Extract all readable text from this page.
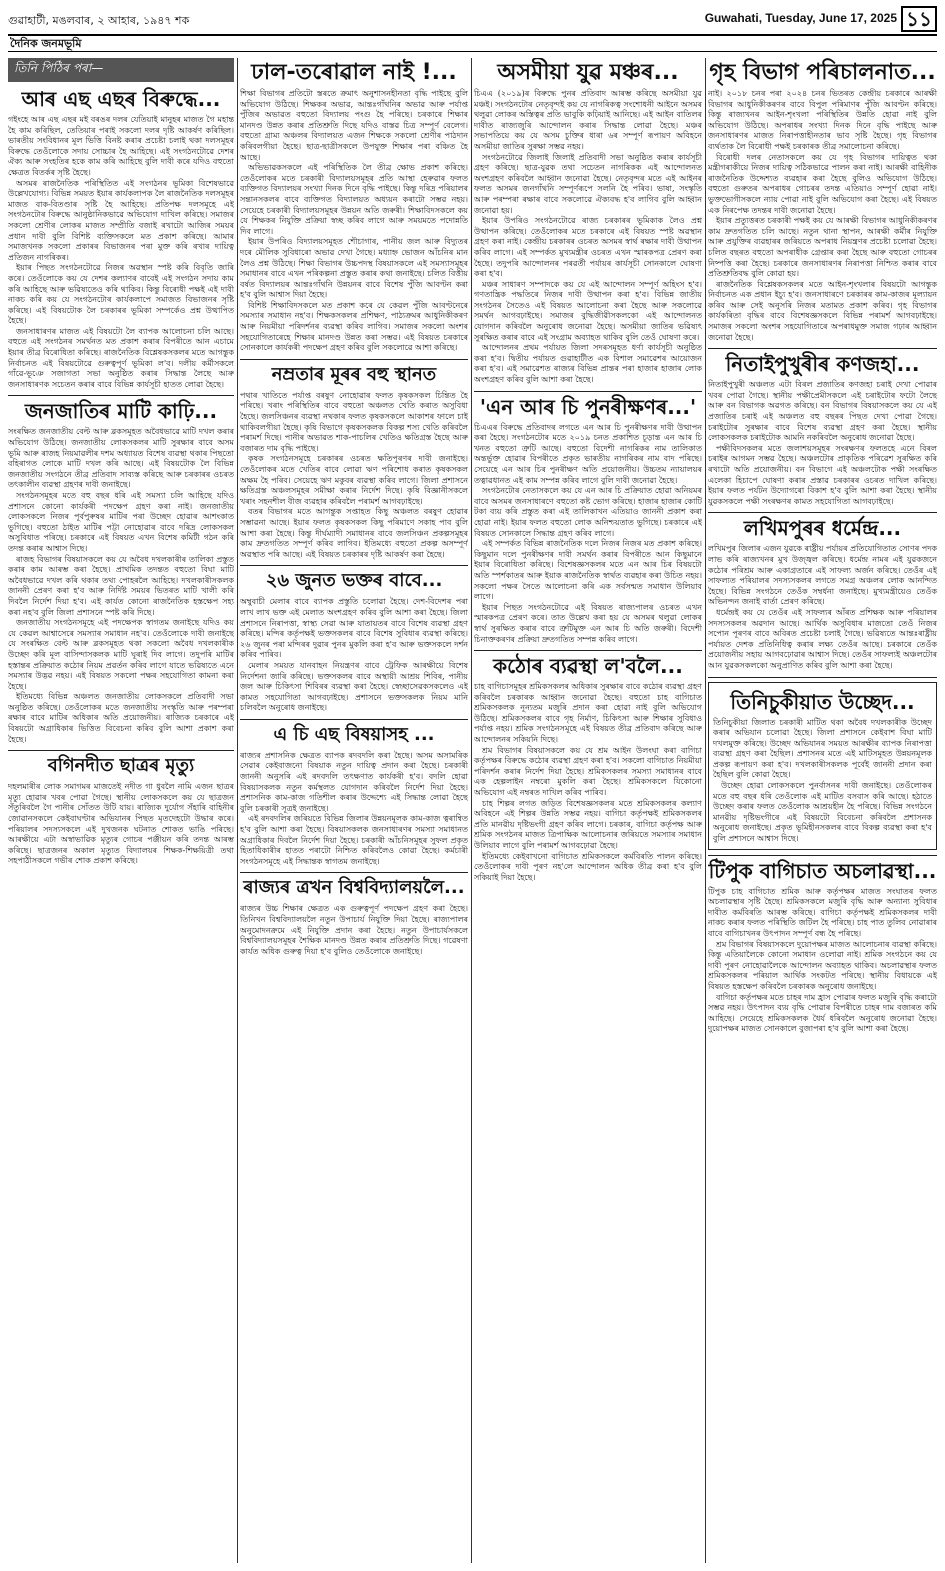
গুৱাহাটী, মঙলবাৰ, ২ আহাৰ, ১৯৪৭ শক	Guwahati, Tuesday, June 17, 2025 ১১
দৈনিক জনমভূমি
তিনি পিঠিৰ পৰা—
আৰ এছ এছৰ বিৰুদ্ধে...

গইংহে আৰ এছ এছৰ মই বৰঙৰ দলৰ যেতিয়াই মানুহৰ মাজত গৈ মহান্ত হৈ কাম কৰিছিল, তেতিয়াৰ পৰাই সকলো দলৰ দৃষ্টি আকৰ্ষণ কৰিছিল। ভাৰতীয় সংবিধানৰ মূল ভিত্তি বিনষ্ট কৰাৰ প্ৰচেষ্টা চলাই থকা দলসমূহৰ বিৰুদ্ধে তেওঁলোকে সদায় সোচ্চাৰ হৈ আহিছে। এই সংগঠনটোৱে দেশৰ ঐক্য আৰু সংহতিৰ হকে কাম কৰি আহিছে বুলি দাবী কৰে যদিও বহুতো ক্ষেত্ৰত বিতৰ্কৰ সৃষ্টি হৈছে।

অসমৰ ৰাজনৈতিক পৰিস্থিতিত এই সংগঠনৰ ভূমিকা বিশেষভাৱে উল্লেখযোগ্য। বিভিন্ন সময়ত ইয়াৰ কাৰ্যকলাপক লৈ ৰাজনৈতিক দলসমূহৰ মাজত বাক-বিতণ্ডাৰ সৃষ্টি হৈ আহিছে। প্ৰতিপক্ষ দলসমূহে এই সংগঠনটোৰ বিৰুদ্ধে আনুষ্ঠানিকভাৱে অভিযোগ দাখিল কৰিছে। সমাজৰ সকলো শ্ৰেণীৰ লোকৰ মাজত সম্প্ৰীতি বজাই ৰখাটো আজিৰ সময়ৰ প্ৰধান দাবী বুলি বিশিষ্ট ব্যক্তিসকলে মত প্ৰকাশ কৰিছে। আমাৰ সমাজখনক সকলো প্ৰকাৰৰ বিভাজনৰ পৰা মুক্ত কৰি ৰখাৰ দায়িত্ব প্ৰতিজন নাগৰিকৰ।

ইয়াৰ পিছত সংগঠনটোৱে নিজৰ অৱস্থান স্পষ্ট কৰি বিবৃতি জাৰি কৰে। তেওঁলোকে কয় যে দেশৰ কল্যাণৰ বাবেই এই সংগঠন সদায় কাম কৰি আহিছে আৰু ভৱিষ্যতেও কৰি থাকিব। কিন্তু বিৰোধী পক্ষই এই দাবী নাকচ কৰি কয় যে সংগঠনটোৰ কাৰ্যকলাপে সমাজত বিভাজনৰ সৃষ্টি কৰিছে। এই বিষয়টোক লৈ চৰকাৰৰ ভূমিকা সম্পৰ্কেও প্ৰশ্ন উত্থাপিত হৈছে।

জনসাধাৰণৰ মাজত এই বিষয়টো লৈ ব্যাপক আলোচনা চলি আছে। বহুতে এই সংগঠনৰ সমৰ্থনত মত প্ৰকাশ কৰাৰ বিপৰীতে আন এচামে ইয়াৰ তীব্ৰ বিৰোধিতা কৰিছে। ৰাজনৈতিক বিশ্লেষকসকলৰ মতে আগন্তুক নিৰ্বাচনত এই বিষয়টোৱে গুৰুত্বপূৰ্ণ ভূমিকা ল'ব। দলীয় কৰ্মীসকলে গাঁৱে-ভূঞে সজাগতা সভা অনুষ্ঠিত কৰাৰ সিদ্ধান্ত লৈছে আৰু জনসাধাৰণক সচেতন কৰাৰ বাবে বিভিন্ন কাৰ্যসূচী হাতত লোৱা হৈছে।

জনজাতিৰ মাটি কাঢ়ি...

সংৰক্ষিত জনজাতীয় বেল্ট আৰু ব্লকসমূহত অবৈধভাৱে মাটি দখল কৰাৰ অভিযোগ উঠিছে। জনজাতীয় লোকসকলৰ মাটি সুৰক্ষাৰ বাবে অসম ভূমি আৰু ৰাজহ নিয়মাৱলীৰ দশম অধ্যায়ত বিশেষ ব্যৱস্থা থকাৰ পিছতো বহিৰাগত লোকে মাটি দখল কৰি আছে। এই বিষয়টোক লৈ বিভিন্ন জনজাতীয় সংগঠনে তীব্ৰ প্ৰতিবাদ সাব্যস্ত কৰিছে আৰু চৰকাৰৰ ওচৰত তৎকালীন ব্যৱস্থা গ্ৰহণৰ দাবী জনাইছে।

সংগঠনসমূহৰ মতে বহু বছৰ ধৰি এই সমস্যা চলি আহিছে যদিও প্ৰশাসনে কোনো কাৰ্যকৰী পদক্ষেপ গ্ৰহণ কৰা নাই। জনজাতীয় লোকসকলে নিজৰ পূৰ্বপুৰুষৰ মাটিৰ পৰা উচ্ছেদ হোৱাৰ আশংকাত ভুগিছে। বহুতো ঠাইত মাটিৰ পট্টা নোহোৱাৰ বাবে দৰিদ্ৰ লোকসকল অসুবিধাত পৰিছে। চৰকাৰে এই বিষয়ত এখন বিশেষ কমিটী গঠন কৰি তদন্ত কৰাৰ আশ্বাস দিছে।

ৰাজহ বিভাগৰ বিষয়াসকলে কয় যে অবৈধ দখলকাৰীৰ তালিকা প্ৰস্তুত কৰাৰ কাম আৰম্ভ কৰা হৈছে। প্ৰাথমিক তদন্তত বহুতো বিঘা মাটি অবৈধভাৱে দখল কৰি থকাৰ তথ্য পোহৰলৈ আহিছে। দখলকাৰীসকলক জাননী প্ৰেৰণ কৰা হ'ব আৰু নিৰ্দিষ্ট সময়ৰ ভিতৰত মাটি খালী কৰি দিবলৈ নিৰ্দেশ দিয়া হ'ব। এই কাৰ্যত কোনো ৰাজনৈতিক হস্তক্ষেপ সহ্য কৰা নহ'ব বুলি জিলা প্ৰশাসনে স্পষ্ট কৰি দিছে।

জনজাতীয় সংগঠনসমূহে এই পদক্ষেপক স্বাগতম জনাইছে যদিও কয় যে কেৱল আশ্বাসেৰে সমস্যাৰ সমাধান নহ'ব। তেওঁলোকে দাবী জনাইছে যে সংৰক্ষিত বেল্ট আৰু ব্লকসমূহত থকা সকলো অবৈধ দখলকাৰীক উচ্ছেদ কৰি মূল বাসিন্দাসকলক মাটি ঘূৰাই দিব লাগে। তদুপৰি মাটিৰ হস্তান্তৰ প্ৰক্ৰিয়াত কঠোৰ নিয়ম প্ৰৱৰ্তন কৰিব লাগে যাতে ভৱিষ্যতে এনে সমস্যাৰ উদ্ভৱ নহয়। এই বিষয়ত সকলো পক্ষৰ সহযোগিতা কামনা কৰা হৈছে।

ইতিমধ্যে বিভিন্ন অঞ্চলত জনজাতীয় লোকসকলে প্ৰতিবাদী সভা অনুষ্ঠিত কৰিছে। তেওঁলোকৰ মতে জনজাতীয় সংস্কৃতি আৰু পৰম্পৰা ৰক্ষাৰ বাবে মাটিৰ অধিকাৰ অতি প্ৰয়োজনীয়। ৰাজ্যিক চৰকাৰে এই বিষয়টো অগ্ৰাধিকাৰ ভিত্তিত বিবেচনা কৰিব বুলি আশা প্ৰকাশ কৰা হৈছে।

বগিনদীত ছাত্ৰৰ মৃত্যু

দহলমাৰীৰ লোক সমাগমৰ মাজতেই নদীত গা ধুবলৈ নামি এজন ছাত্ৰৰ মৃত্যু হোৱাৰ খবৰ পোৱা গৈছে। স্থানীয় লোকসকলে কয় যে ছাত্ৰজন সঁতুৰিবলৈ গৈ পানীৰ সোঁতত উটি যায়। ৰাজ্যিক দুৰ্যোগ সঁহাৰি বাহিনীৰ জোৱানসকলে কেইবাঘণ্টাৰ অভিযানৰ পিছত মৃতদেহটো উদ্ধাৰ কৰে। পৰিয়ালৰ সদস্যসকলে এই দুখজনক ঘটনাত শোকত ভাঙি পৰিছে। আৰক্ষীয়ে এটা অস্বাভাৱিক মৃত্যুৰ গোচৰ পঞ্জীয়ন কৰি তদন্ত আৰম্ভ কৰিছে। ছাত্ৰজনৰ অকাল মৃত্যুত বিদ্যালয়ৰ শিক্ষক-শিক্ষয়িত্ৰী তথা সহপাঠীসকলে গভীৰ শোক প্ৰকাশ কৰিছে।

ঢাল-তৰোৱাল নাই !...

শিক্ষা বিভাগৰ প্ৰতিটো স্তৰতে ক্ৰমাৎ অনুশাসনহীনতা বৃদ্ধি পাইছে বুলি অভিযোগ উঠিছে। শিক্ষকৰ অভাৱ, আন্তঃগাঁথনিৰ অভাৱ আৰু পৰ্যাপ্ত পুঁজিৰ অভাৱত বহুতো বিদ্যালয় পংগু হৈ পৰিছে। চৰকাৰে শিক্ষাৰ মানদণ্ড উন্নত কৰাৰ প্ৰতিশ্ৰুতি দিছে যদিও বাস্তৱ চিত্ৰ সম্পূৰ্ণ বেলেগ। বহুতো গ্ৰাম্য অঞ্চলৰ বিদ্যালয়ত এজন শিক্ষকে সকলো শ্ৰেণীৰ পাঠদান কৰিবলগীয়া হৈছে। ছাত্ৰ-ছাত্ৰীসকলে উপযুক্ত শিক্ষাৰ পৰা বঞ্চিত হৈ আছে।

অভিভাৱকসকলে এই পৰিস্থিতিক লৈ তীব্ৰ ক্ষোভ প্ৰকাশ কৰিছে। তেওঁলোকৰ মতে চৰকাৰী বিদ্যালয়সমূহৰ প্ৰতি আস্থা হেৰুৱাৰ ফলত ব্যক্তিগত বিদ্যালয়ৰ সংখ্যা দিনক দিনে বৃদ্ধি পাইছে। কিন্তু দৰিদ্ৰ পৰিয়ালৰ সন্তানসকলৰ বাবে ব্যক্তিগত বিদ্যালয়ত অধ্যয়ন কৰাটো সম্ভৱ নহয়। সেয়েহে চৰকাৰী বিদ্যালয়সমূহৰ উন্নয়ন অতি জৰুৰী। শিক্ষাবিদসকলে কয় যে শিক্ষকৰ নিযুক্তি প্ৰক্ৰিয়া স্বচ্ছ কৰিব লাগে আৰু সময়মতে পদোন্নতি দিব লাগে।

ইয়াৰ উপৰিও বিদ্যালয়সমূহত শৌচাগাৰ, পানীয় জল আৰু বিদ্যুতৰ দৰে মৌলিক সুবিধাৰো অভাৱ দেখা গৈছে। মধ্যাহ্ন ভোজন আঁচনিৰ মান লৈও প্ৰশ্ন উঠিছে। শিক্ষা বিভাগৰ উচ্চপদস্থ বিষয়াসকলে এই সমস্যাসমূহৰ সমাধানৰ বাবে এখন পৰিকল্পনা প্ৰস্তুত কৰাৰ কথা জনাইছে। চলিত বিত্তীয় বৰ্ষত বিদ্যালয়ৰ আন্তঃগাঁথনি উন্নয়নৰ বাবে বিশেষ পুঁজি আবণ্টন কৰা হ'ব বুলি আশ্বাস দিয়া হৈছে।

বিশিষ্ট শিক্ষাবিদসকলে মত প্ৰকাশ কৰে যে কেৱল পুঁজি আবণ্টনেৰে সমস্যাৰ সমাধান নহ'ব। শিক্ষকসকলৰ প্ৰশিক্ষণ, পাঠ্যক্ৰমৰ আধুনিকীকৰণ আৰু নিয়মীয়া পৰিদৰ্শনৰ ব্যৱস্থা কৰিব লাগিব। সমাজৰ সকলো অংশৰ সহযোগিতাৰেহে শিক্ষাৰ মানদণ্ড উন্নত কৰা সম্ভৱ। এই বিষয়ত চৰকাৰে সোনকালে কাৰ্যকৰী পদক্ষেপ গ্ৰহণ কৰিব বুলি সকলোৱে আশা কৰিছে।

নম্ৰতাৰ মূৰৰ বহু স্থানত

পথাৰ খাতিতে পৰ্যাপ্ত বৰষুণ নোহোৱাৰ ফলত কৃষকসকল চিন্তিত হৈ পৰিছে। খৰাং পৰিস্থিতিৰ বাবে বহুতো অঞ্চলত খেতি কৰাত অসুবিধা হৈছে। জলসিঞ্চনৰ ব্যৱস্থা নথকাৰ ফলত কৃষকসকলে আকাশৰ ফালে চাই থাকিবলগীয়া হৈছে। কৃষি বিভাগে কৃষকসকলক বিকল্প শস্য খেতি কৰিবলৈ পৰামৰ্শ দিছে। পানীৰ অভাৱত শাক-পাচলিৰ খেতিও ক্ষতিগ্ৰস্ত হৈছে আৰু বজাৰত দাম বৃদ্ধি পাইছে।

কৃষক সংগঠনসমূহে চৰকাৰৰ ওচৰত ক্ষতিপূৰণৰ দাবী জনাইছে। তেওঁলোকৰ মতে খেতিৰ বাবে লোৱা ঋণ পৰিশোধ কৰাত কৃষকসকল অক্ষম হৈ পৰিব। সেয়েহে ঋণ মকুবৰ ব্যৱস্থা কৰিব লাগে। জিলা প্ৰশাসনে ক্ষতিগ্ৰস্ত অঞ্চলসমূহৰ সমীক্ষা কৰাৰ নিৰ্দেশ দিছে। কৃষি বিজ্ঞানীসকলে খৰাং সহনশীল বীজ ব্যৱহাৰ কৰিবলৈ পৰামৰ্শ আগবঢ়াইছে।

বতৰ বিভাগৰ মতে আগন্তুক সপ্তাহত কিছু অঞ্চলত বৰষুণ হোৱাৰ সম্ভাৱনা আছে। ইয়াৰ ফলত কৃষকসকল কিছু পৰিমাণে সকাহ পাব বুলি আশা কৰা হৈছে। কিন্তু দীৰ্ঘম্যাদী সমাধানৰ বাবে জলসিঞ্চন প্ৰকল্পসমূহৰ কাম দ্ৰুতগতিত সম্পূৰ্ণ কৰিব লাগিব। ইতিমধ্যে বহুতো প্ৰকল্প অসম্পূৰ্ণ অৱস্থাত পৰি আছে। এই বিষয়ত চৰকাৰৰ দৃষ্টি আকৰ্ষণ কৰা হৈছে।

২৬ জুনত ভক্তৰ বাবে...

অম্বুবাচী মেলাৰ বাবে ব্যাপক প্ৰস্তুতি চলোৱা হৈছে। দেশ-বিদেশৰ পৰা লাখ লাখ ভক্ত এই মেলাত অংশগ্ৰহণ কৰিব বুলি আশা কৰা হৈছে। জিলা প্ৰশাসনে নিৰাপত্তা, স্বাস্থ্য সেৱা আৰু যাতায়তৰ বাবে বিশেষ ব্যৱস্থা গ্ৰহণ কৰিছে। মন্দিৰ কৰ্তৃপক্ষই ভক্তসকলৰ বাবে বিশেষ সুবিধাৰ ব্যৱস্থা কৰিছে। ২৬ জুনৰ পৰা মন্দিৰৰ দুৱাৰ পুনৰ মুকলি কৰা হ'ব আৰু ভক্তসকলে দৰ্শন কৰিব পাৰিব।

মেলাৰ সময়ত যানবাহন নিয়ন্ত্ৰণৰ বাবে ট্ৰেফিক আৰক্ষীয়ে বিশেষ নিৰ্দেশনা জাৰি কৰিছে। ভক্তসকলৰ বাবে অস্থায়ী আশ্ৰয় শিবিৰ, পানীয় জল আৰু চিকিৎসা শিবিৰৰ ব্যৱস্থা কৰা হৈছে। স্বেচ্ছাসেৱকসকলেও এই কামত সহযোগিতা আগবঢ়াইছে। প্ৰশাসনে ভক্তসকলক নিয়ম মানি চলিবলৈ অনুৰোধ জনাইছে।

এ চি এছ বিষয়াসহ ...

ৰাজ্যৰ প্ৰশাসনিক ক্ষেত্ৰত ব্যাপক ৰদবদলি কৰা হৈছে। অসম অসামৰিক সেৱাৰ কেইবাজনো বিষয়াক নতুন দায়িত্ব প্ৰদান কৰা হৈছে। চৰকাৰী জাননী অনুসৰি এই ৰদবদলি তৎক্ষণাত কাৰ্যকৰী হ'ব। বদলি হোৱা বিষয়াসকলক নতুন কৰ্মস্থলত যোগদান কৰিবলৈ নিৰ্দেশ দিয়া হৈছে। প্ৰশাসনিক কাম-কাজ গতিশীল কৰাৰ উদ্দেশ্যে এই সিদ্ধান্ত লোৱা হৈছে বুলি চৰকাৰী সূত্ৰই জনাইছে।

এই ৰদবদলিৰ জৰিয়তে বিভিন্ন জিলাৰ উন্নয়নমূলক কাম-কাজ ত্বৰান্বিত হ'ব বুলি আশা কৰা হৈছে। বিষয়াসকলক জনসাধাৰণৰ সমস্যা সমাধানত অগ্ৰাধিকাৰ দিবলৈ নিৰ্দেশ দিয়া হৈছে। চৰকাৰী আঁচনিসমূহৰ সুফল প্ৰকৃত হিতাধিকাৰীৰ হাতত পৰাটো নিশ্চিত কৰিবলৈও কোৱা হৈছে। কৰ্মচাৰী সংগঠনসমূহে এই সিদ্ধান্তক স্বাগতম জনাইছে।

ৰাজ্যৰ ত্ৰখন বিশ্ববিদ্যালয়লৈ...

ৰাজ্যৰ উচ্চ শিক্ষাৰ ক্ষেত্ৰত এক গুৰুত্বপূৰ্ণ পদক্ষেপ গ্ৰহণ কৰা হৈছে। তিনিখন বিশ্ববিদ্যালয়লৈ নতুন উপাচাৰ্য নিযুক্তি দিয়া হৈছে। ৰাজ্যপালৰ অনুমোদনক্ৰমে এই নিযুক্তি প্ৰদান কৰা হৈছে। নতুন উপাচাৰ্যসকলে বিশ্ববিদ্যালয়সমূহৰ শৈক্ষিক মানদণ্ড উন্নত কৰাৰ প্ৰতিশ্ৰুতি দিছে। গৱেষণা কাৰ্যত অধিক গুৰুত্ব দিয়া হ'ব বুলিও তেওঁলোকে জনাইছে।

অসমীয়া যুৱ মঞ্চৰ...

চিএএ (২০১৯)ৰ বিৰুদ্ধে পুনৰ প্ৰতিবাদ আৰম্ভ কৰিছে অসমীয়া যুৱ মঞ্চই। সংগঠনটোৰ নেতৃবৃন্দই কয় যে নাগৰিকত্ব সংশোধনী আইনে অসমৰ থলুৱা লোকৰ অস্তিত্বৰ প্ৰতি ভাবুকি কঢ়িয়াই আনিছে। এই আইন বাতিলৰ দাবীত ৰাজ্যজুৰি আন্দোলন কৰাৰ সিদ্ধান্ত লোৱা হৈছে। মঞ্চৰ সভাপতিয়ে কয় যে অসম চুক্তিৰ ধাৰা ৬ৰ সম্পূৰ্ণ ৰূপায়ণ অবিহনে অসমীয়া জাতিৰ সুৰক্ষা সম্ভৱ নহয়।

সংগঠনটোৱে জিলাই জিলাই প্ৰতিবাদী সভা অনুষ্ঠিত কৰাৰ কাৰ্যসূচী গ্ৰহণ কৰিছে। ছাত্ৰ-যুৱক তথা সচেতন নাগৰিকক এই আন্দোলনত অংশগ্ৰহণ কৰিবলৈ আহ্বান জনোৱা হৈছে। নেতৃবৃন্দৰ মতে এই আইনৰ ফলত অসমৰ জনগাঁথনি সম্পূৰ্ণৰূপে সলনি হৈ পৰিব। ভাষা, সংস্কৃতি আৰু পৰম্পৰা ৰক্ষাৰ বাবে সকলোৱে ঐক্যবদ্ধ হ'ব লাগিব বুলি আহ্বান জনোৱা হয়।

ইয়াৰ উপৰিও সংগঠনটোৱে ৰাজ্য চৰকাৰৰ ভূমিকাক লৈও প্ৰশ্ন উত্থাপন কৰিছে। তেওঁলোকৰ মতে চৰকাৰে এই বিষয়ত স্পষ্ট অৱস্থান গ্ৰহণ কৰা নাই। কেন্দ্ৰীয় চৰকাৰৰ ওচৰত অসমৰ স্বাৰ্থ ৰক্ষাৰ দাবী উত্থাপন কৰিব লাগে। এই সম্পৰ্কত মুখ্যমন্ত্ৰীৰ ওচৰত এখন স্মাৰকপত্ৰ প্ৰেৰণ কৰা হৈছে। তদুপৰি আন্দোলনৰ পৰৱৰ্তী পৰ্যায়ৰ কাৰ্যসূচী সোনকালে ঘোষণা কৰা হ'ব।

মঞ্চৰ সাধাৰণ সম্পাদকে কয় যে এই আন্দোলন সম্পূৰ্ণ অহিংস হ'ব। গণতান্ত্ৰিক পদ্ধতিৰে নিজৰ দাবী উত্থাপন কৰা হ'ব। বিভিন্ন জাতীয় সংগঠনৰ সৈতেও এই বিষয়ত আলোচনা কৰা হৈছে আৰু সকলোৱে সমৰ্থন আগবঢ়াইছে। সমাজৰ বুদ্ধিজীৱীসকলকো এই আন্দোলনত যোগদান কৰিবলৈ অনুৰোধ জনোৱা হৈছে। অসমীয়া জাতিৰ ভৱিষ্যৎ সুৰক্ষিত কৰাৰ বাবে এই সংগ্ৰাম অব্যাহত থাকিব বুলি তেওঁ ঘোষণা কৰে।

আন্দোলনৰ প্ৰথম পৰ্যায়ত জিলা সদৰসমূহত ধৰ্ণা কাৰ্যসূচী অনুষ্ঠিত কৰা হ'ব। দ্বিতীয় পৰ্যায়ত গুৱাহাটীত এক বিশাল সমাৱেশৰ আয়োজন কৰা হ'ব। এই সমাৱেশত ৰাজ্যৰ বিভিন্ন প্ৰান্তৰ পৰা হাজাৰ হাজাৰ লোক অংশগ্ৰহণ কৰিব বুলি আশা কৰা হৈছে।

'এন আৰ চি পুনৰীক্ষণৰ...'

চিএএৰ বিৰুদ্ধে প্ৰতিবাদৰ লগতে এন আৰ চি পুনৰীক্ষণৰ দাবী উত্থাপন কৰা হৈছে। সংগঠনটোৰ মতে ২০১৯ চনত প্ৰকাশিত চূড়ান্ত এন আৰ চি খনত বহুতো ত্ৰুটি আছে। বহুতো বিদেশী নাগৰিকৰ নাম তালিকাত অন্তৰ্ভুক্ত হোৱাৰ বিপৰীতে প্ৰকৃত ভাৰতীয় নাগৰিকৰ নাম বাদ পৰিছে। সেয়েহে এন আৰ চিৰ পুনৰীক্ষণ অতি প্ৰয়োজনীয়। উচ্চতম ন্যায়ালয়ৰ তত্বাৱধানত এই কাম সম্পন্ন কৰিব লাগে বুলি দাবী জনোৱা হৈছে।

সংগঠনটোৰ নেতাসকলে কয় যে এন আৰ চি প্ৰক্ৰিয়াত হোৱা অনিয়মৰ বাবে অসমৰ জনসাধাৰণে বহুতো কষ্ট ভোগ কৰিছে। হাজাৰ হাজাৰ কোটি টকা ব্যয় কৰি প্ৰস্তুত কৰা এই তালিকাখন এতিয়াও জাননী প্ৰকাশ কৰা হোৱা নাই। ইয়াৰ ফলত বহুতো লোক অনিশ্চয়তাত ভুগিছে। চৰকাৰে এই বিষয়ত সোনকালে সিদ্ধান্ত গ্ৰহণ কৰিব লাগে।

এই সম্পৰ্কত বিভিন্ন ৰাজনৈতিক দলে নিজৰ নিজৰ মত প্ৰকাশ কৰিছে। কিছুমান দলে পুনৰীক্ষণৰ দাবী সমৰ্থন কৰাৰ বিপৰীতে আন কিছুমানে ইয়াৰ বিৰোধিতা কৰিছে। বিশেষজ্ঞসকলৰ মতে এন আৰ চিৰ বিষয়টো অতি স্পৰ্শকাতৰ আৰু ইয়াক ৰাজনৈতিক স্বাৰ্থত ব্যৱহাৰ কৰা উচিত নহয়। সকলো পক্ষৰ সৈতে আলোচনা কৰি এক সৰ্বসন্মত সমাধান উলিয়াব লাগে।

ইয়াৰ পিছত সংগঠনটোৱে এই বিষয়ত ৰাজ্যপালৰ ওচৰত এখন স্মাৰকপত্ৰ প্ৰেৰণ কৰে। তাত উল্লেখ কৰা হয় যে অসমৰ থলুৱা লোকৰ স্বাৰ্থ সুৰক্ষিত কৰাৰ বাবে ত্ৰুটিমুক্ত এন আৰ চি অতি জৰুৰী। বিদেশী চিনাক্তকৰণৰ প্ৰক্ৰিয়া দ্ৰুতগতিত সম্পন্ন কৰিব লাগে।

কঠোৰ ব্যৱস্থা ল'বলৈ...

চাহ বাগিচাসমূহৰ শ্ৰমিকসকলৰ অধিকাৰ সুৰক্ষাৰ বাবে কঠোৰ ব্যৱস্থা গ্ৰহণ কৰিবলৈ চৰকাৰক আহ্বান জনোৱা হৈছে। বহুতো চাহ বাগিচাত শ্ৰমিকসকলক নূন্যতম মজুৰি প্ৰদান কৰা হোৱা নাই বুলি অভিযোগ উঠিছে। শ্ৰমিকসকলৰ বাবে গৃহ নিৰ্মাণ, চিকিৎসা আৰু শিক্ষাৰ সুবিধাও পৰ্যাপ্ত নহয়। শ্ৰমিক সংগঠনসমূহে এই বিষয়ত তীব্ৰ প্ৰতিবাদ কৰিছে আৰু আন্দোলনৰ সকিয়নি দিছে।

শ্ৰম বিভাগৰ বিষয়াসকলে কয় যে শ্ৰম আইন উলংঘা কৰা বাগিচা কৰ্তৃপক্ষৰ বিৰুদ্ধে কঠোৰ ব্যৱস্থা গ্ৰহণ কৰা হ'ব। সকলো বাগিচাত নিয়মীয়া পৰিদৰ্শন কৰাৰ নিৰ্দেশ দিয়া হৈছে। শ্ৰমিকসকলৰ সমস্যা সমাধানৰ বাবে এক হেল্পলাইন নম্বৰো মুকলি কৰা হৈছে। শ্ৰমিকসকলে যিকোনো অভিযোগ এই নম্বৰত দাখিল কৰিব পাৰিব।

চাহ শিল্পৰ লগত জড়িত বিশেষজ্ঞসকলৰ মতে শ্ৰমিকসকলৰ কল্যাণ অবিহনে এই শিল্পৰ উন্নতি সম্ভৱ নহয়। বাগিচা কৰ্তৃপক্ষই শ্ৰমিকসকলৰ প্ৰতি মানৱীয় দৃষ্টিভংগী গ্ৰহণ কৰিব লাগে। চৰকাৰ, বাগিচা কৰ্তৃপক্ষ আৰু শ্ৰমিক সংগঠনৰ মাজত ত্ৰিপাক্ষিক আলোচনাৰ জৰিয়তে সমস্যাৰ সমাধান উলিয়াব লাগে বুলি পৰামৰ্শ আগবঢ়োৱা হৈছে।

ইতিমধ্যে কেইবাখনো বাগিচাত শ্ৰমিকসকলে কৰ্মবিৰতি পালন কৰিছে। তেওঁলোকৰ দাবী পূৰণ নহ'লে আন্দোলন অধিক তীব্ৰ কৰা হ'ব বুলি সকিয়াই দিয়া হৈছে।

গৃহ বিভাগ পৰিচালনাত...

নাই। ২০১৮ চনৰ পৰা ২০২৪ চনৰ ভিতৰত কেন্দ্ৰীয় চৰকাৰে আৰক্ষী বিভাগৰ আধুনিকীকৰণৰ বাবে বিপুল পৰিমাণৰ পুঁজি আবণ্টন কৰিছে। কিন্তু ৰাজ্যখনৰ আইন-শৃংখলা পৰিস্থিতিৰ উন্নতি হোৱা নাই বুলি অভিযোগ উঠিছে। অপৰাধৰ সংখ্যা দিনক দিনে বৃদ্ধি পাইছে আৰু জনসাধাৰণৰ মাজত নিৰাপত্তাহীনতাৰ ভাব সৃষ্টি হৈছে। গৃহ বিভাগৰ ব্যৰ্থতাক লৈ বিৰোধী পক্ষই চৰকাৰক তীব্ৰ সমালোচনা কৰিছে।

বিৰোধী দলৰ নেতাসকলে কয় যে গৃহ বিভাগৰ দায়িত্বত থকা মন্ত্ৰীগৰাকীয়ে নিজৰ দায়িত্ব সঠিকভাৱে পালন কৰা নাই। আৰক্ষী বাহিনীক ৰাজনৈতিক উদ্দেশ্যত ব্যৱহাৰ কৰা হৈছে বুলিও অভিযোগ উঠিছে। বহুতো গুৰুতৰ অপৰাধৰ গোচৰৰ তদন্ত এতিয়াও সম্পূৰ্ণ হোৱা নাই। ভুক্তভোগীসকলে ন্যায় পোৱা নাই বুলি অভিযোগ কৰা হৈছে। এই বিষয়ত এক নিৰপেক্ষ তদন্তৰ দাবী জনোৱা হৈছে।

ইয়াৰ প্ৰত্যুত্তৰত চৰকাৰী পক্ষই কয় যে আৰক্ষী বিভাগৰ আধুনিকীকৰণৰ কাম দ্ৰুতগতিত চলি আছে। নতুন থানা স্থাপন, আৰক্ষী কৰ্মীৰ নিযুক্তি আৰু প্ৰযুক্তিৰ ব্যৱহাৰৰ জৰিয়তে অপৰাধ নিয়ন্ত্ৰণৰ প্ৰচেষ্টা চলোৱা হৈছে। চলিত বছৰত বহুতো অপৰাধীক গ্ৰেপ্তাৰ কৰা হৈছে আৰু বহুতো গোচৰৰ নিষ্পত্তি কৰা হৈছে। চৰকাৰে জনসাধাৰণৰ নিৰাপত্তা নিশ্চিত কৰাৰ বাবে প্ৰতিশ্ৰুতিবদ্ধ বুলি কোৱা হয়।

ৰাজনৈতিক বিশ্লেষকসকলৰ মতে আইন-শৃংখলাৰ বিষয়টো আগন্তুক নিৰ্বাচনত এক প্ৰধান ইচ্যু হ'ব। জনসাধাৰণে চৰকাৰৰ কাম-কাজৰ মূল্যায়ন কৰিব আৰু সেই অনুসৰি নিজৰ মতামত প্ৰকাশ কৰিব। গৃহ বিভাগৰ কাৰ্যকৰিতা বৃদ্ধিৰ বাবে বিশেষজ্ঞসকলে বিভিন্ন পৰামৰ্শ আগবঢ়াইছে। সমাজৰ সকলো অংশৰ সহযোগিতাৰে অপৰাধমুক্ত সমাজ গঢ়াৰ আহ্বান জনোৱা হৈছে।

নিতাইপুখুৰীৰ কণজহা...

নিতাইপুখুৰী অঞ্চলত এটা বিৰল প্ৰজাতিৰ কণজহা চৰাই দেখা পোৱাৰ খবৰ পোৱা গৈছে। স্থানীয় পক্ষীপ্ৰেমীসকলে এই চৰাইটোৰ ফটো লৈছে আৰু বন বিভাগক অৱগত কৰিছে। বন বিভাগৰ বিষয়াসকলে কয় যে এই প্ৰজাতিৰ চৰাই এই অঞ্চলত বহু বছৰৰ পিছত দেখা পোৱা গৈছে। চৰাইটোৰ সুৰক্ষাৰ বাবে বিশেষ ব্যৱস্থা গ্ৰহণ কৰা হৈছে। স্থানীয় লোকসকলক চৰাইটোক আমনি নকৰিবলৈ অনুৰোধ জনোৱা হৈছে।

পক্ষীবিদসকলৰ মতে জলাশয়সমূহৰ সংৰক্ষণৰ ফলতহে এনে বিৰল চৰাইৰ আগমন সম্ভৱ হৈছে। অঞ্চলটোৰ প্ৰাকৃতিক পৰিৱেশ সুৰক্ষিত কৰি ৰখাটো অতি প্ৰয়োজনীয়। বন বিভাগে এই অঞ্চলটোক পক্ষী সংৰক্ষিত এলেকা হিচাপে ঘোষণা কৰাৰ প্ৰস্তাৱ চৰকাৰৰ ওচৰত দাখিল কৰিছে। ইয়াৰ ফলত পৰ্যটন উদ্যোগৰো বিকাশ হ'ব বুলি আশা কৰা হৈছে। স্থানীয় যুৱকসকলে পক্ষী সংৰক্ষণৰ কামত সহযোগিতা আগবঢ়াইছে।

লখিমপুৰৰ ধৰ্মেন্দ্ৰ...

লখিমপুৰ জিলাৰ এজন যুৱকে ৰাষ্ট্ৰীয় পৰ্যায়ৰ প্ৰতিযোগিতাত সোণৰ পদক লাভ কৰি ৰাজ্যখনৰ মুখ উজ্জ্বল কৰিছে। ধৰ্মেন্দ্ৰ নামৰ এই যুৱকজনে কঠোৰ পৰিশ্ৰম আৰু একাগ্ৰতাৰে এই সাফল্য অৰ্জন কৰিছে। তেওঁৰ এই সাফল্যত পৰিয়ালৰ সদস্যসকলৰ লগতে সমগ্ৰ অঞ্চলৰ লোক আনন্দিত হৈছে। বিভিন্ন সংগঠনে তেওঁক সম্বৰ্ধনা জনাইছে। মুখ্যমন্ত্ৰীয়েও তেওঁক অভিনন্দন জনাই বাৰ্তা প্ৰেৰণ কৰিছে।

ধৰ্মেন্দ্ৰই কয় যে তেওঁৰ এই সাফল্যৰ আঁৰত প্ৰশিক্ষক আৰু পৰিয়ালৰ সদস্যসকলৰ অৱদান আছে। আৰ্থিক অসুবিধাৰ মাজতো তেওঁ নিজৰ সপোন পূৰণৰ বাবে অবিৰত প্ৰচেষ্টা চলাই গৈছে। ভৱিষ্যতে আন্তঃৰাষ্ট্ৰীয় পৰ্যায়ত দেশক প্ৰতিনিধিত্ব কৰাৰ লক্ষ্য তেওঁৰ আছে। চৰকাৰে তেওঁক প্ৰয়োজনীয় সহায় আগবঢ়োৱাৰ আশ্বাস দিছে। তেওঁৰ সাফল্যই অঞ্চলটোৰ আন যুৱকসকলকো অনুপ্ৰাণিত কৰিব বুলি আশা কৰা হৈছে।

তিনিচুকীয়াত উচ্ছেদ...

তিনিচুকীয়া জিলাত চৰকাৰী মাটিত থকা অবৈধ দখলকাৰীক উচ্ছেদ কৰাৰ অভিযান চলোৱা হৈছে। জিলা প্ৰশাসনে কেইবাশ বিঘা মাটি দখলমুক্ত কৰিছে। উচ্ছেদ অভিযানৰ সময়ত আৰক্ষীৰ ব্যাপক নিৰাপত্তা ব্যৱস্থা গ্ৰহণ কৰা হৈছিল। প্ৰশাসনৰ মতে এই মাটিসমূহত উন্নয়নমূলক প্ৰকল্প ৰূপায়ণ কৰা হ'ব। দখলকাৰীসকলক পূৰ্বেই জাননী প্ৰদান কৰা হৈছিল বুলি কোৱা হৈছে।

উচ্ছেদ হোৱা লোকসকলে পুনৰ্বাসনৰ দাবী জনাইছে। তেওঁলোকৰ মতে বহু বছৰ ধৰি তেওঁলোক এই মাটিত বসবাস কৰি আছে। হঠাতে উচ্ছেদ কৰাৰ ফলত তেওঁলোক আশ্ৰয়হীন হৈ পৰিছে। বিভিন্ন সংগঠনে মানৱীয় দৃষ্টিভংগীৰে এই বিষয়টো বিবেচনা কৰিবলৈ প্ৰশাসনক অনুৰোধ জনাইছে। প্ৰকৃত ভূমিহীনসকলৰ বাবে বিকল্প ব্যৱস্থা কৰা হ'ব বুলি প্ৰশাসনে আশ্বাস দিছে।

টিপুক বাগিচাত অচলাৱস্থা...

টিপুক চাহ বাগিচাত শ্ৰমিক আৰু কৰ্তৃপক্ষৰ মাজত সংঘাতৰ ফলত অচলাৱস্থাৰ সৃষ্টি হৈছে। শ্ৰমিকসকলে মজুৰি বৃদ্ধি আৰু অন্যান্য সুবিধাৰ দাবীত কৰ্মবিৰতি আৰম্ভ কৰিছে। বাগিচা কৰ্তৃপক্ষই শ্ৰমিকসকলৰ দাবী নাকচ কৰাৰ ফলত পৰিস্থিতি জটিল হৈ পৰিছে। চাহ পাত তুলিব নোৱাৰাৰ বাবে বাগিচাখনৰ উৎপাদন সম্পূৰ্ণ বন্ধ হৈ পৰিছে।

শ্ৰম বিভাগৰ বিষয়াসকলে দুয়োপক্ষৰ মাজত আলোচনাৰ ব্যৱস্থা কৰিছে। কিন্তু এতিয়ালৈকে কোনো সমাধান ওলোৱা নাই। শ্ৰমিক সংগঠনে কয় যে দাবী পূৰণ নোহোৱালৈকে আন্দোলন অব্যাহত থাকিব। অচলাৱস্থাৰ ফলত শ্ৰমিকসকলৰ পৰিয়াল আৰ্থিক সংকটত পৰিছে। স্থানীয় বিধায়কে এই বিষয়ত হস্তক্ষেপ কৰিবলৈ চৰকাৰক অনুৰোধ জনাইছে।

বাগিচা কৰ্তৃপক্ষৰ মতে চাহৰ দাম হ্ৰাস পোৱাৰ ফলত মজুৰি বৃদ্ধি কৰাটো সম্ভৱ নহয়। উৎপাদন ব্যয় বৃদ্ধি পোৱাৰ বিপৰীতে চাহৰ দাম বজাৰত কমি আহিছে। সেয়েহে শ্ৰমিকসকলক ধৈৰ্য ধৰিবলৈ অনুৰোধ জনোৱা হৈছে। দুয়োপক্ষৰ মাজত সোনকালে বুজাপৰা হ'ব বুলি আশা কৰা হৈছে।
